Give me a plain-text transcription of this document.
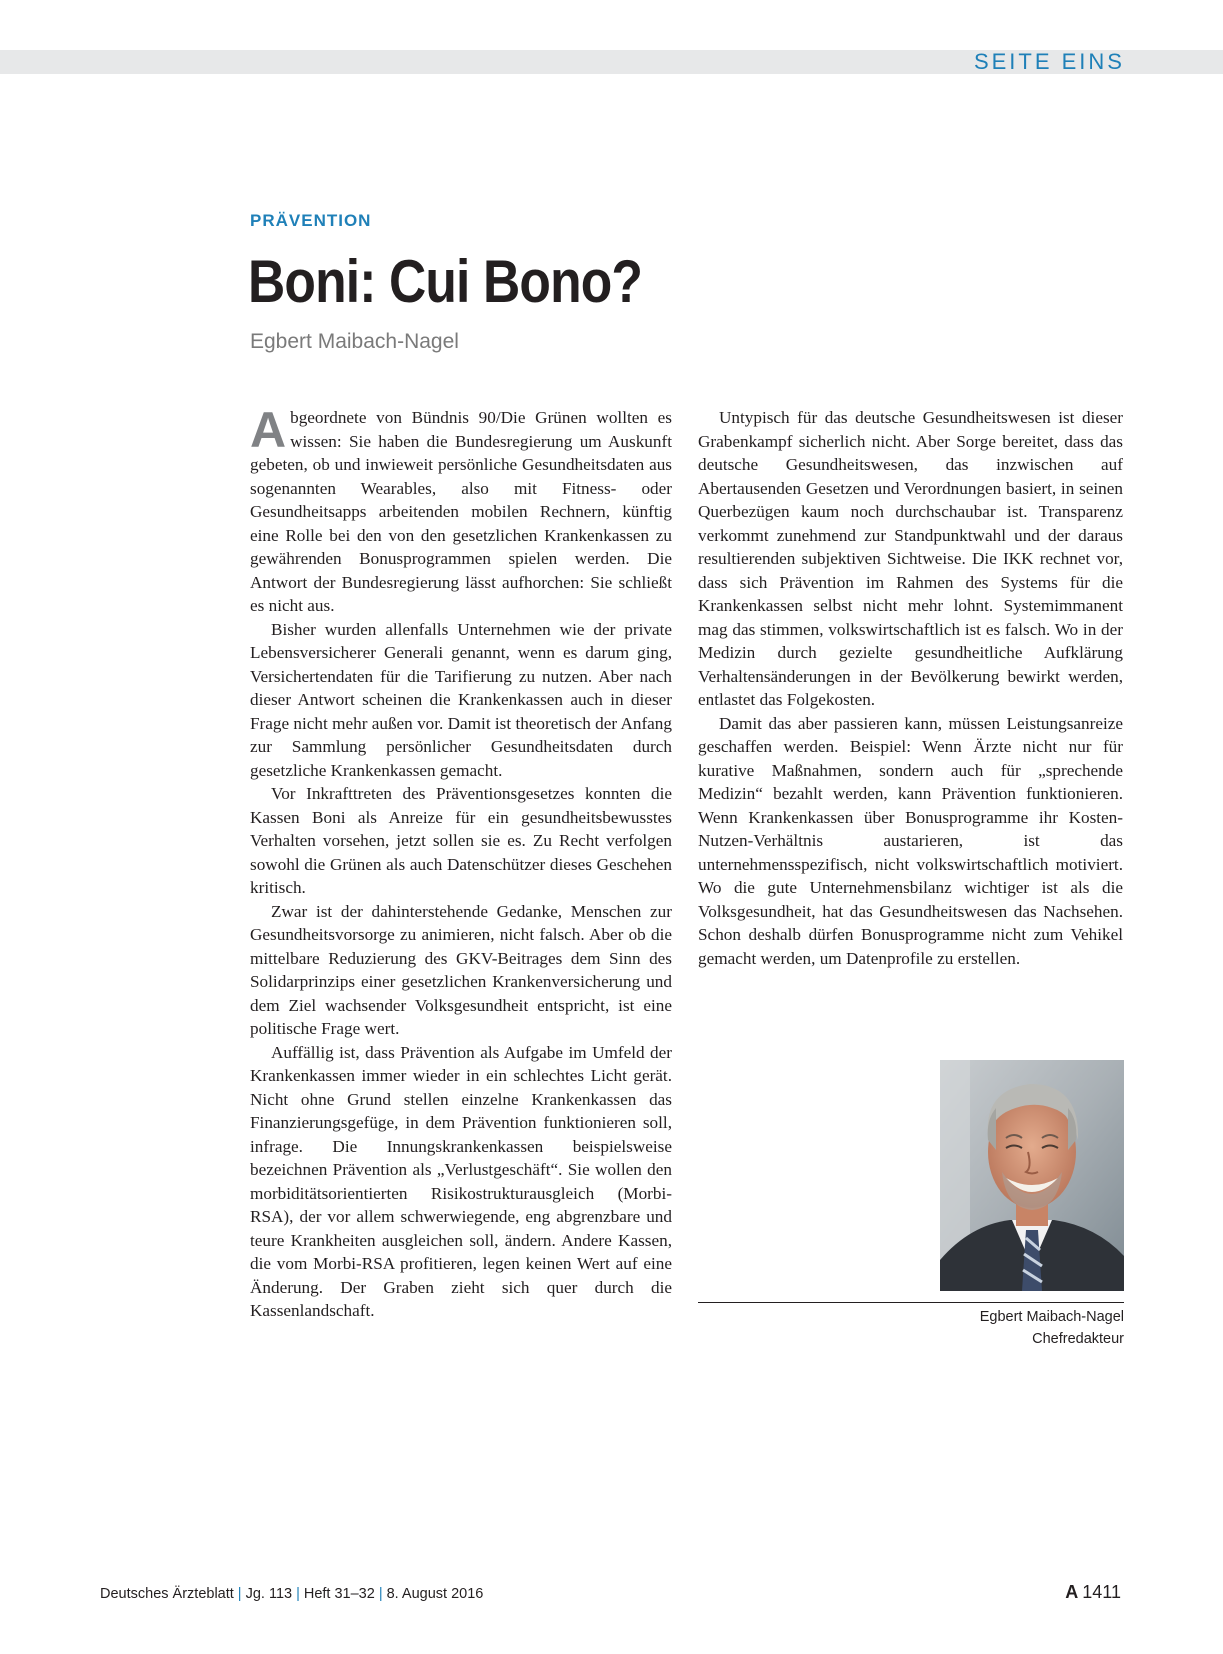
SEITE EINS
PRÄVENTION
Boni: Cui Bono?
Egbert Maibach-Nagel

Abgeordnete von Bündnis 90/Die Grünen wollten es wissen: Sie haben die Bundesregierung um Auskunft gebeten, ob und inwieweit persönliche Gesundheitsdaten aus sogenannten Wearables, also mit Fitness- oder Gesundheitsapps arbeitenden mobilen Rechnern, künftig eine Rolle bei den von den gesetzlichen Krankenkassen zu gewährenden Bonusprogrammen spielen werden. Die Antwort der Bundesregierung lässt aufhorchen: Sie schließt es nicht aus.

Bisher wurden allenfalls Unternehmen wie der private Lebensversicherer Generali genannt, wenn es darum ging, Versichertendaten für die Tarifierung zu nutzen. Aber nach dieser Antwort scheinen die Krankenkassen auch in dieser Frage nicht mehr außen vor. Damit ist theoretisch der Anfang zur Sammlung persönlicher Gesundheitsdaten durch gesetzliche Krankenkassen gemacht.

Vor Inkrafttreten des Präventionsgesetzes konnten die Kassen Boni als Anreize für ein gesundheitsbewusstes Verhalten vorsehen, jetzt sollen sie es. Zu Recht verfolgen sowohl die Grünen als auch Datenschützer dieses Geschehen kritisch.

Zwar ist der dahinterstehende Gedanke, Menschen zur Gesundheitsvorsorge zu animieren, nicht falsch. Aber ob die mittelbare Reduzierung des GKV-Beitrages dem Sinn des Solidarprinzips einer gesetzlichen Krankenversicherung und dem Ziel wachsender Volksgesundheit entspricht, ist eine politische Frage wert.

Auffällig ist, dass Prävention als Aufgabe im Umfeld der Krankenkassen immer wieder in ein schlechtes Licht gerät. Nicht ohne Grund stellen einzelne Krankenkassen das Finanzierungsgefüge, in dem Prävention funktionieren soll, infrage. Die Innungskrankenkassen beispielsweise bezeichnen Prävention als „Verlustgeschäft“. Sie wollen den morbiditätsorientierten Risikostrukturausgleich (Morbi-RSA), der vor allem schwerwiegende, eng abgrenzbare und teure Krankheiten ausgleichen soll, ändern. Andere Kassen, die vom Morbi-RSA profitieren, legen keinen Wert auf eine Änderung. Der Graben zieht sich quer durch die Kassenlandschaft.

Untypisch für das deutsche Gesundheitswesen ist dieser Grabenkampf sicherlich nicht. Aber Sorge bereitet, dass das deutsche Gesundheitswesen, das inzwischen auf Abertausenden Gesetzen und Verordnungen basiert, in seinen Querbezügen kaum noch durchschaubar ist. Transparenz verkommt zunehmend zur Standpunktwahl und der daraus resultierenden subjektiven Sichtweise. Die IKK rechnet vor, dass sich Prävention im Rahmen des Systems für die Krankenkassen selbst nicht mehr lohnt. Systemimmanent mag das stimmen, volkswirtschaftlich ist es falsch. Wo in der Medizin durch gezielte gesundheitliche Aufklärung Verhaltensänderungen in der Bevölkerung bewirkt werden, entlastet das Folgekosten.

Damit das aber passieren kann, müssen Leistungsanreize geschaffen werden. Beispiel: Wenn Ärzte nicht nur für kurative Maßnahmen, sondern auch für „sprechende Medizin“ bezahlt werden, kann Prävention funktionieren. Wenn Krankenkassen über Bonusprogramme ihr Kosten-Nutzen-Verhältnis austarieren, ist das unternehmensspezifisch, nicht volkswirtschaftlich motiviert. Wo die gute Unternehmensbilanz wichtiger ist als die Volksgesundheit, hat das Gesundheitswesen das Nachsehen. Schon deshalb dürfen Bonusprogramme nicht zum Vehikel gemacht werden, um Datenprofile zu erstellen.

Egbert Maibach-Nagel
Chefredakteur
Deutsches Ärzteblatt | Jg. 113 | Heft 31–32 | 8. August 2016	A 1411
